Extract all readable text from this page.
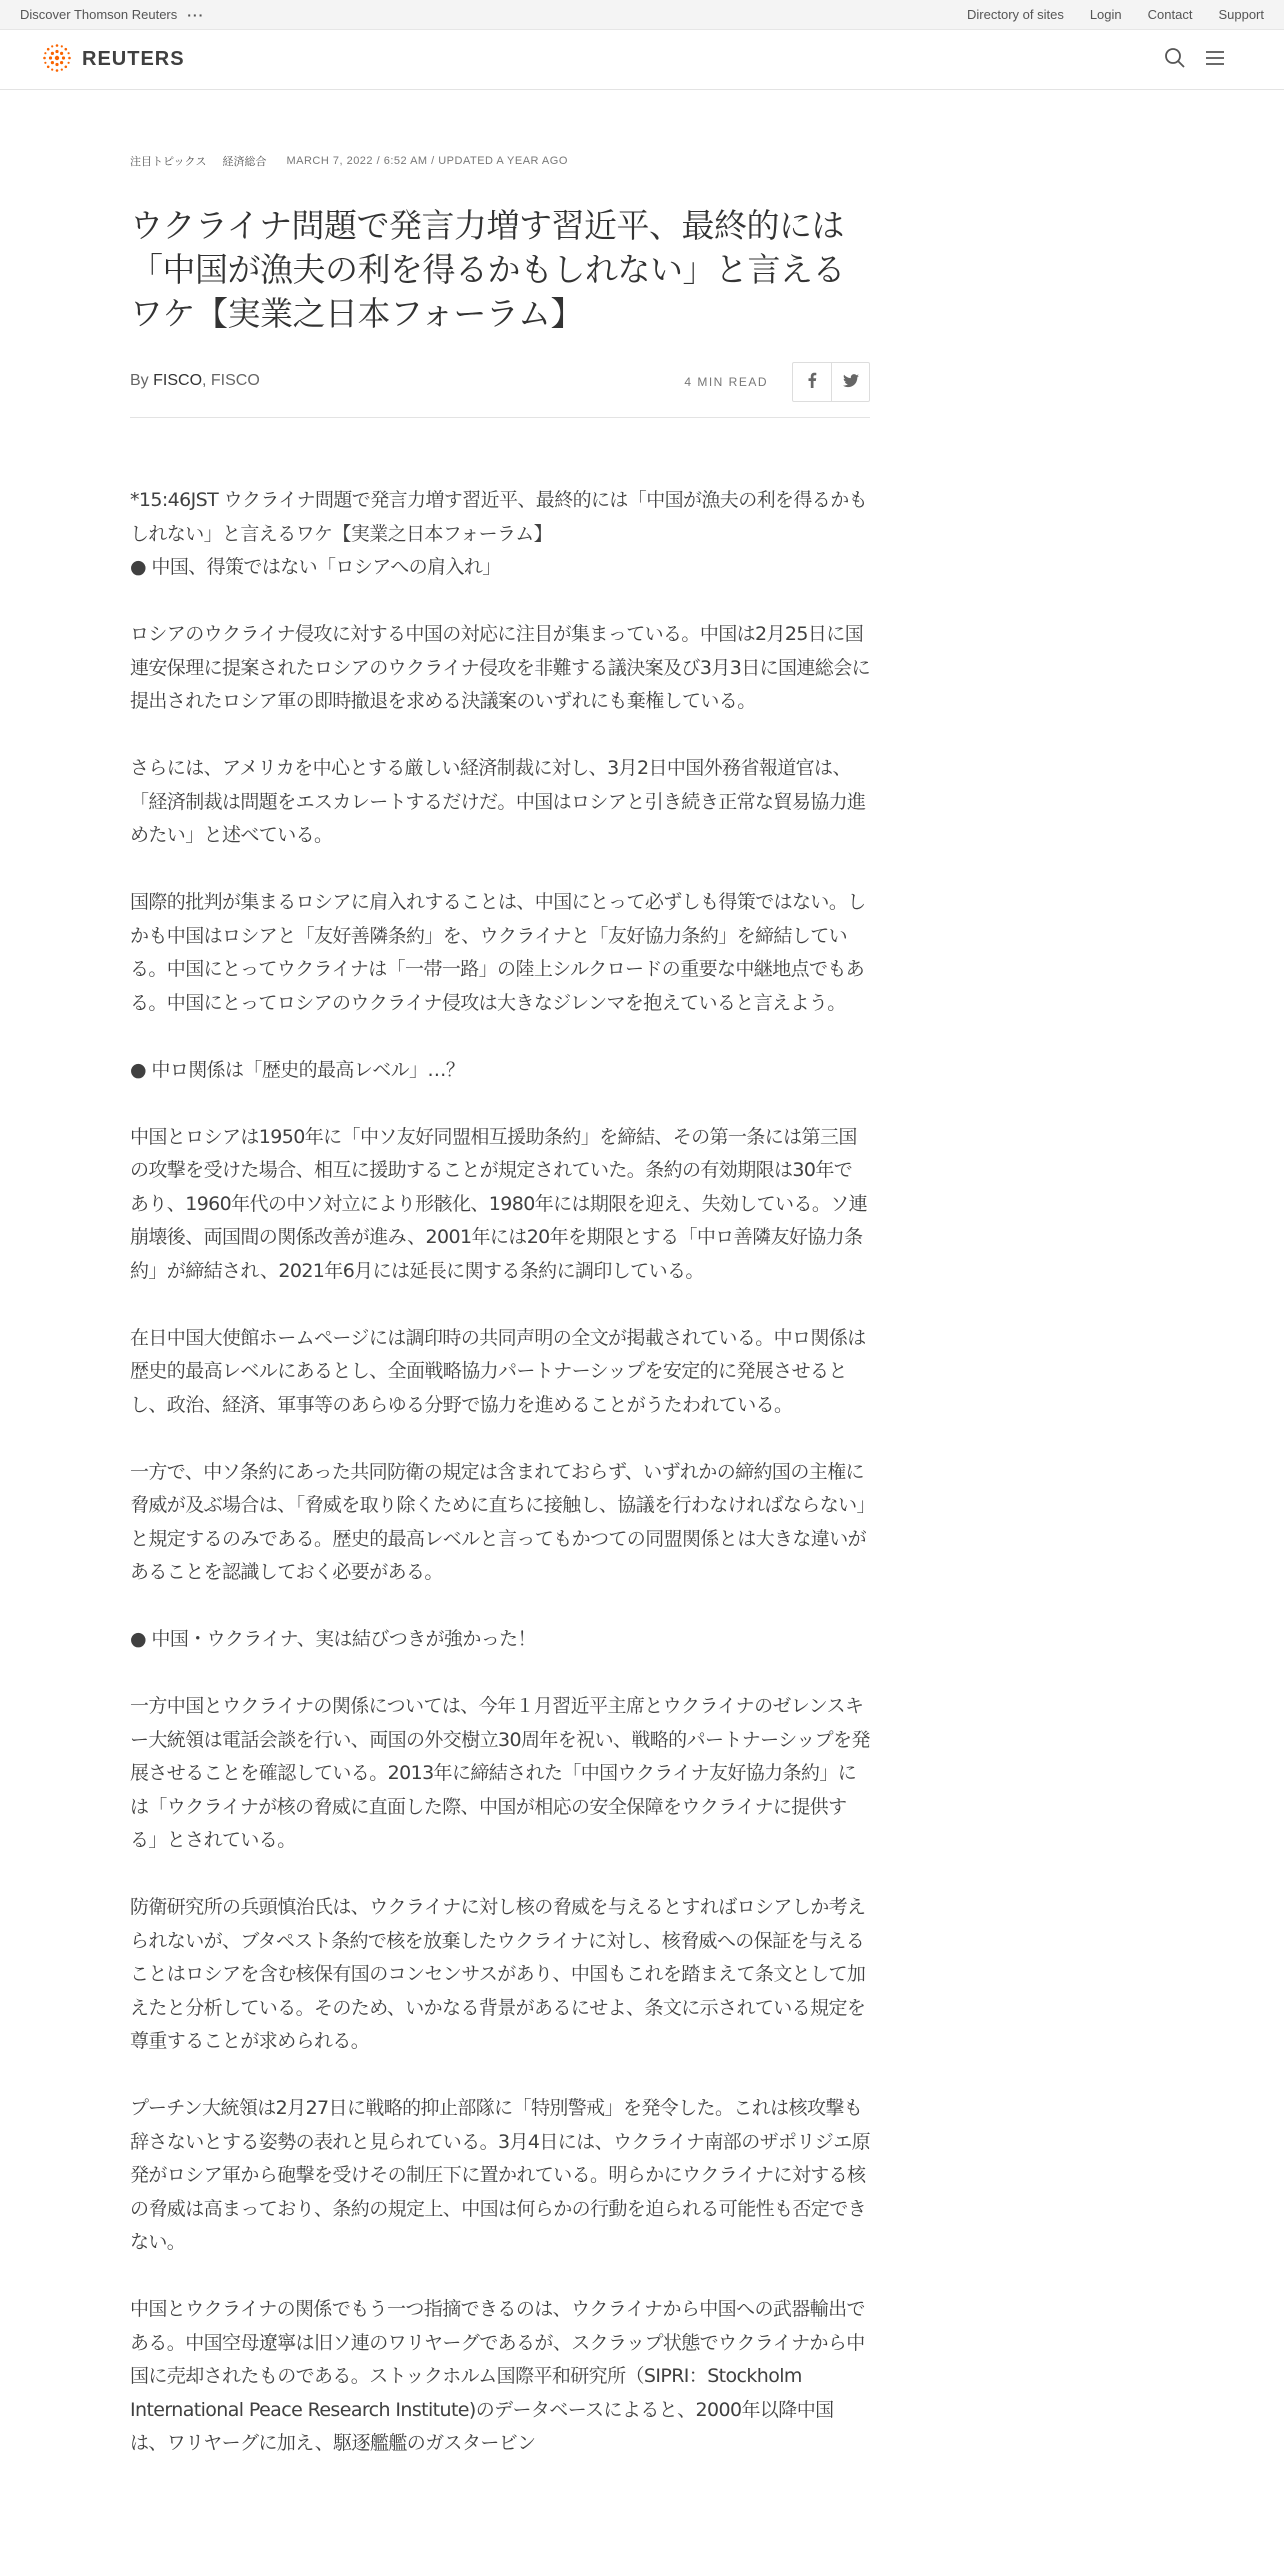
Discover Thomson Reuters ···	Directory of sites Login Contact Support
REUTERS
注目トピックス 経済総合 MARCH 7, 2022 / 6:52 AM / UPDATED A YEAR AGO
ウクライナ問題で発言力増す習近平、最終的には「中国が漁夫の利を得るかもしれない」と言えるワケ【実業之日本フォーラム】
By FISCO, FISCO	4 MIN READ

*15:46JST ウクライナ問題で発言力増す習近平、最終的には「中国が漁夫の利を得るかもしれない」と言えるワケ【実業之日本フォーラム】
● 中国、得策ではない「ロシアへの肩入れ」

ロシアのウクライナ侵攻に対する中国の対応に注目が集まっている。中国は2月25日に国連安保理に提案されたロシアのウクライナ侵攻を非難する議決案及び3月3日に国連総会に提出されたロシア軍の即時撤退を求める決議案のいずれにも棄権している。

さらには、アメリカを中心とする厳しい経済制裁に対し、3月2日中国外務省報道官は、「経済制裁は問題をエスカレートするだけだ。中国はロシアと引き続き正常な貿易協力進めたい」と述べている。

国際的批判が集まるロシアに肩入れすることは、中国にとって必ずしも得策ではない。しかも中国はロシアと「友好善隣条約」を、ウクライナと「友好協力条約」を締結している。中国にとってウクライナは「一帯一路」の陸上シルクロードの重要な中継地点でもある。中国にとってロシアのウクライナ侵攻は大きなジレンマを抱えていると言えよう。

● 中ロ関係は「歴史的最高レベル」…？

中国とロシアは1950年に「中ソ友好同盟相互援助条約」を締結、その第一条には第三国の攻撃を受けた場合、相互に援助することが規定されていた。条約の有効期限は30年であり、1960年代の中ソ対立により形骸化、1980年には期限を迎え、失効している。ソ連崩壊後、両国間の関係改善が進み、2001年には20年を期限とする「中ロ善隣友好協力条約」が締結され、2021年6月には延長に関する条約に調印している。

在日中国大使館ホームページには調印時の共同声明の全文が掲載されている。中ロ関係は歴史的最高レベルにあるとし、全面戦略協力パートナーシップを安定的に発展させるとし、政治、経済、軍事等のあらゆる分野で協力を進めることがうたわれている。

一方で、中ソ条約にあった共同防衛の規定は含まれておらず、いずれかの締約国の主権に脅威が及ぶ場合は、「脅威を取り除くために直ちに接触し、協議を行わなければならない」と規定するのみである。歴史的最高レベルと言ってもかつての同盟関係とは大きな違いがあることを認識しておく必要がある。

● 中国・ウクライナ、実は結びつきが強かった！

一方中国とウクライナの関係については、今年１月習近平主席とウクライナのゼレンスキー大統領は電話会談を行い、両国の外交樹立30周年を祝い、戦略的パートナーシップを発展させることを確認している。2013年に締結された「中国ウクライナ友好協力条約」には「ウクライナが核の脅威に直面した際、中国が相応の安全保障をウクライナに提供する」とされている。

防衛研究所の兵頭慎治氏は、ウクライナに対し核の脅威を与えるとすればロシアしか考えられないが、ブタペスト条約で核を放棄したウクライナに対し、核脅威への保証を与えることはロシアを含む核保有国のコンセンサスがあり、中国もこれを踏まえて条文として加えたと分析している。そのため、いかなる背景があるにせよ、条文に示されている規定を尊重することが求められる。

プーチン大統領は2月27日に戦略的抑止部隊に「特別警戒」を発令した。これは核攻撃も辞さないとする姿勢の表れと見られている。3月4日には、ウクライナ南部のザポリジエ原発がロシア軍から砲撃を受けその制圧下に置かれている。明らかにウクライナに対する核の脅威は高まっており、条約の規定上、中国は何らかの行動を迫られる可能性も否定できない。

中国とウクライナの関係でもう一つ指摘できるのは、ウクライナから中国への武器輸出である。中国空母遼寧は旧ソ連のワリヤーグであるが、スクラップ状態でウクライナから中国に売却されたものである。ストックホルム国際平和研究所（SIPRI：Stockholm International Peace Research Institute)のデータベースによると、2000年以降中国は、ワリヤーグに加え、駆逐艦艦のガスタービン
